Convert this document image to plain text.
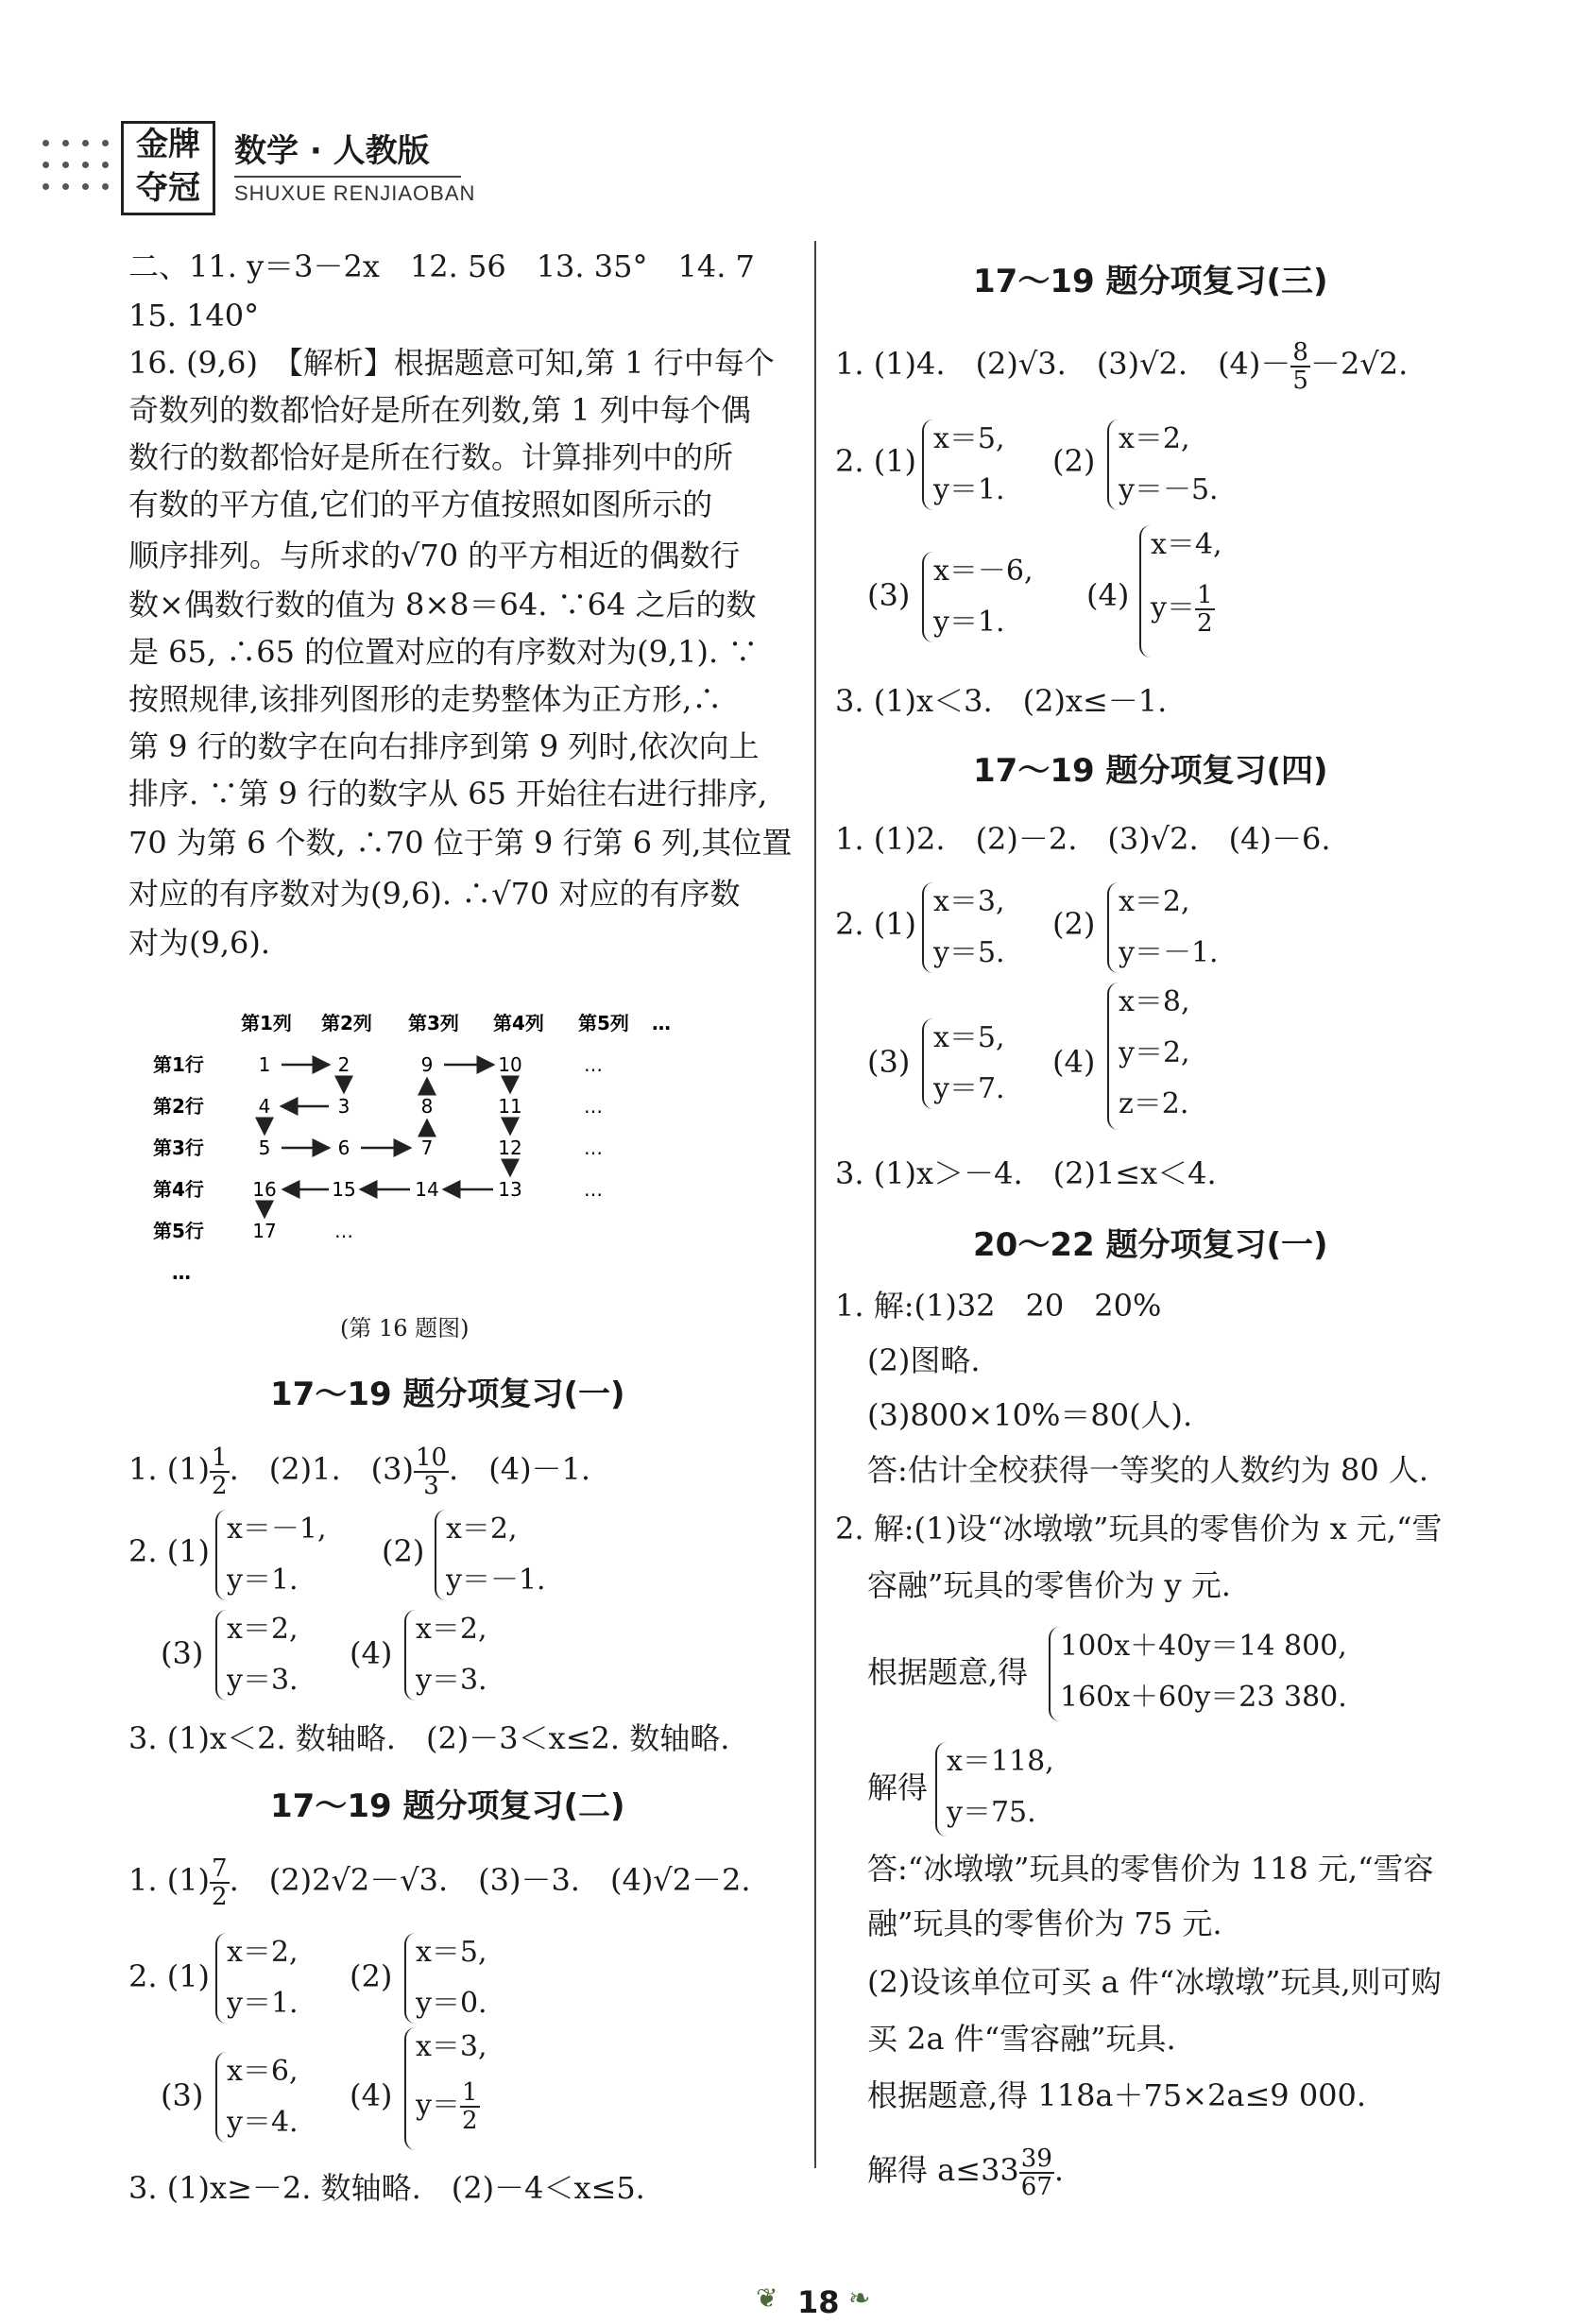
金牌
夺冠
数学 · 人教版
SHUXUE RENJIAOBAN
二、11. y＝3－2x　12. 56　13. 35°　14. 7
15. 140°
16. (9,6)　【解析】根据题意可知,第 1 行中每个
奇数列的数都恰好是所在列数,第 1 列中每个偶
数行的数都恰好是所在行数。计算排列中的所
有数的平方值,它们的平方值按照如图所示的
顺序排列。与所求的√70 的平方相近的偶数行
数×偶数行数的值为 8×8＝64. ∵64 之后的数
是 65, ∴65 的位置对应的有序数对为(9,1). ∵
按照规律,该排列图形的走势整体为正方形,∴
第 9 行的数字在向右排序到第 9 列时,依次向上
排序. ∵第 9 行的数字从 65 开始往右进行排序,
70 为第 6 个数, ∴70 位于第 9 行第 6 列,其位置
对应的有序数对为(9,6). ∴√70 对应的有序数
对为(9,6).
第1列 第2列 第3列 第4列 第5列 …
第1行
第2行
第3行
第4行
第5行
…
1	2	9	10	…
4	3	8	11	…
5	6	7	12	…
16	15	14	13	…
17	…
(第 16 题图)
17～19 题分项复习(一)
1. $(1) \frac{1}{2}$ .　(2)1.　$(3) \frac{10}{3}$ .　(4)－1.
2. (1)
x＝－1,
y＝1.
(2)
x＝2,
y＝－1.
(3)
x＝2,
y＝3.
(4)
x＝2,
y＝3.
3. (1)x＜2. 数轴略.　(2)－3＜x≤2. 数轴略.
17～19 题分项复习(二)
1. $(1) \frac{7}{2}$ .　(2)2√2－√3.　(3)－3.　(4)√2－2.
2. (1)
x＝2,
y＝1.
(2)
x＝5,
y＝0.
(3)
x＝6,
y＝4.
(4)
x＝3,
$y= \frac{1}{2}$
3. (1)x≥－2. 数轴略.　(2)－4＜x≤5.
17～19 题分项复习(三)
1. (1)4.　(2)√3.　(3)√2.　$(4)- \frac{8}{5} -2√2$.
2. (1)
x＝5,
y＝1.
(2)
x＝2,
y＝－5.
(3)
x＝－6,
y＝1.
(4)
x＝4,
$y= \frac{1}{2}$
3. (1)x＜3.　(2)x≤－1.
17～19 题分项复习(四)
1. (1)2.　(2)－2.　(3)√2.　(4)－6.
2. (1)
x＝3,
y＝5.
(2)
x＝2,
y＝－1.
(3)
x＝5,
y＝7.
(4)
x＝8,
y＝2,
z＝2.
3. (1)x＞－4.　(2)1≤x＜4.
20～22 题分项复习(一)
1. 解:(1)32　20　20%
(2)图略.
(3)800×10%＝80(人).
答:估计全校获得一等奖的人数约为 80 人.
2. 解:(1)设“冰墩墩”玩具的零售价为 x 元,“雪
容融”玩具的零售价为 y 元.
根据题意,得
100x＋40y＝14 800,
160x＋60y＝23 380.
解得
x＝118,
y＝75.
答:“冰墩墩”玩具的零售价为 118 元,“雪容
融”玩具的零售价为 75 元.
(2)设该单位可买 a 件“冰墩墩”玩具,则可购
买 2a 件“雪容融”玩具.
根据题意,得 118a＋75×2a≤9 000.
解得 $a\le 33 \frac{39}{67}$ .
❦ 18 ❧
